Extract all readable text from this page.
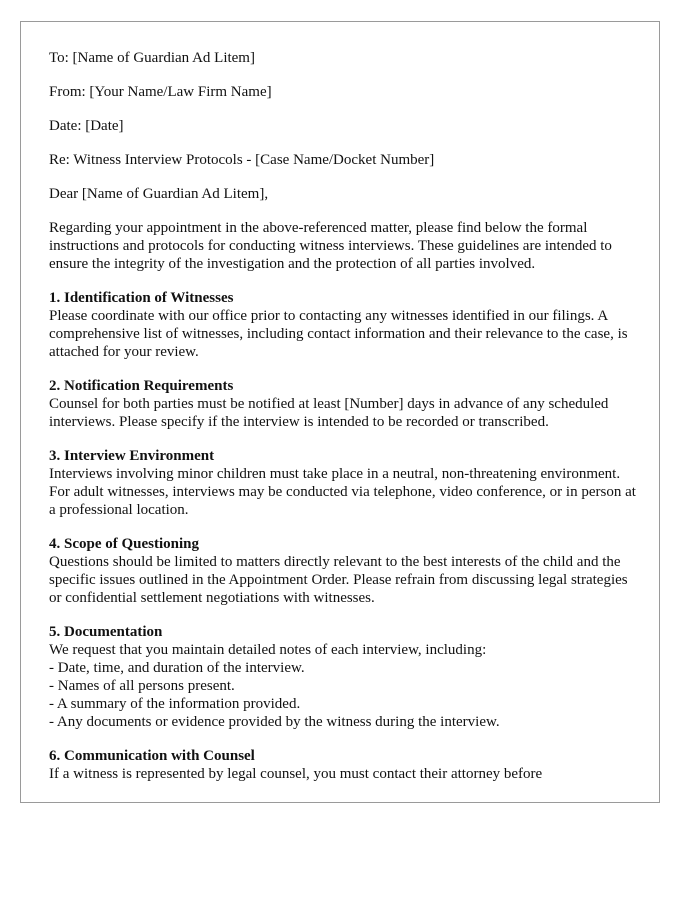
To: [Name of Guardian Ad Litem]

From: [Your Name/Law Firm Name]

Date: [Date]

Re: Witness Interview Protocols - [Case Name/Docket Number]

Dear [Name of Guardian Ad Litem],

Regarding your appointment in the above-referenced matter, please find below the formal instructions and protocols for conducting witness interviews. These guidelines are intended to ensure the integrity of the investigation and the protection of all parties involved.

1. Identification of Witnesses
Please coordinate with our office prior to contacting any witnesses identified in our filings. A comprehensive list of witnesses, including contact information and their relevance to the case, is attached for your review.
2. Notification Requirements
Counsel for both parties must be notified at least [Number] days in advance of any scheduled interviews. Please specify if the interview is intended to be recorded or transcribed.
3. Interview Environment
Interviews involving minor children must take place in a neutral, non-threatening environment. For adult witnesses, interviews may be conducted via telephone, video conference, or in person at a professional location.
4. Scope of Questioning
Questions should be limited to matters directly relevant to the best interests of the child and the specific issues outlined in the Appointment Order. Please refrain from discussing legal strategies or confidential settlement negotiations with witnesses.
5. Documentation
We request that you maintain detailed notes of each interview, including:
- Date, time, and duration of the interview.
- Names of all persons present.
- A summary of the information provided.
- Any documents or evidence provided by the witness during the interview.
6. Communication with Counsel
If a witness is represented by legal counsel, you must contact their attorney before
